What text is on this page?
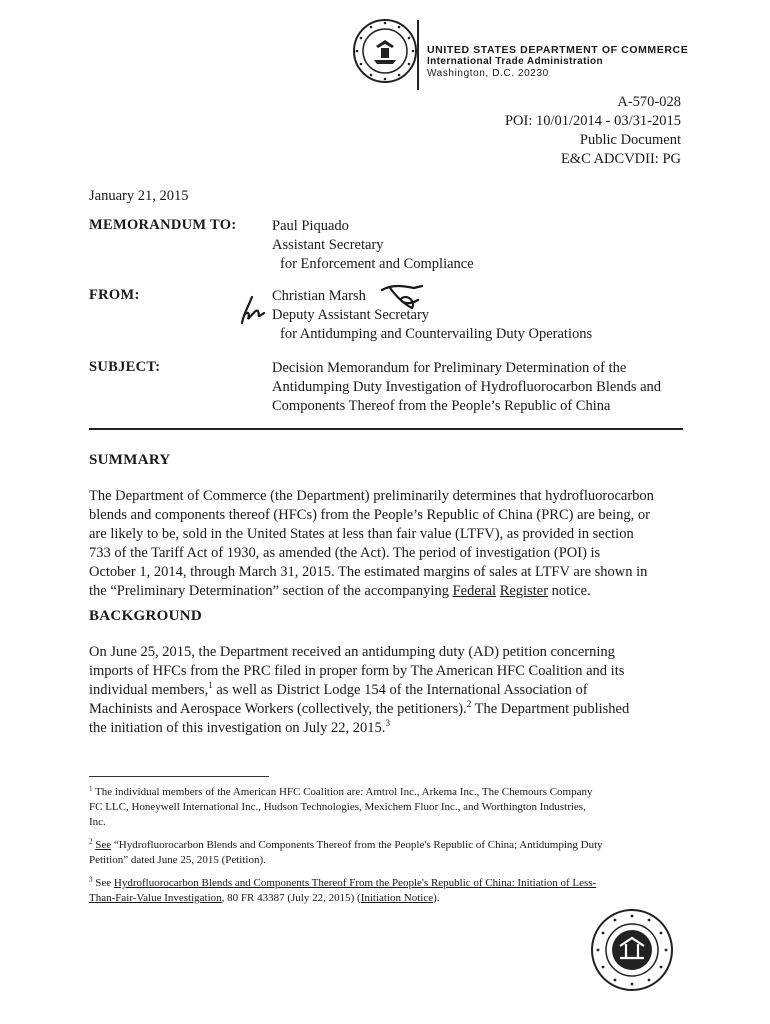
UNITED STATES DEPARTMENT OF COMMERCE
International Trade Administration
Washington, D.C. 20230
A-570-028
POI: 10/01/2014 - 03/31-2015
Public Document
E&C ADCVDII: PG
January 21, 2015
MEMORANDUM TO: Paul Piquado
Assistant Secretary
for Enforcement and Compliance
FROM:	Christian Marsh
Deputy Assistant Secretary
for Antidumping and Countervailing Duty Operations
SUBJECT:	Decision Memorandum for Preliminary Determination of the
Antidumping Duty Investigation of Hydrofluorocarbon Blends and
Components Thereof from the People’s Republic of China
SUMMARY
The Department of Commerce (the Department) preliminarily determines that hydrofluorocarbon
blends and components thereof (HFCs) from the People’s Republic of China (PRC) are being, or
are likely to be, sold in the United States at less than fair value (LTFV), as provided in section
733 of the Tariff Act of 1930, as amended (the Act). The period of investigation (POI) is
October 1, 2014, through March 31, 2015. The estimated margins of sales at LTFV are shown in
the “Preliminary Determination” section of the accompanying Federal Register notice.
BACKGROUND
On June 25, 2015, the Department received an antidumping duty (AD) petition concerning
imports of HFCs from the PRC filed in proper form by The American HFC Coalition and its
individual members,$^1$ as well as District Lodge 154 of the International Association of
Machinists and Aerospace Workers (collectively, the petitioners).$^2$ The Department published
the initiation of this investigation on July 22, 2015.$^3$
$^1$ The individual members of the American HFC Coalition are: Amtrol Inc., Arkema Inc., The Chemours Company
FC LLC, Honeywell International Inc., Hudson Technologies, Mexichem Fluor Inc., and Worthington Industries,
Inc.
$^2$ See “Hydrofluorocarbon Blends and Components Thereof from the People's Republic of China; Antidumping Duty
Petition” dated June 25, 2015 (Petition).
$^3$ See Hydrofluorocarbon Blends and Components Thereof From the People's Republic of China: Initiation of Less-
Than-Fair-Value Investigation, 80 FR 43387 (July 22, 2015) (Initiation Notice).
